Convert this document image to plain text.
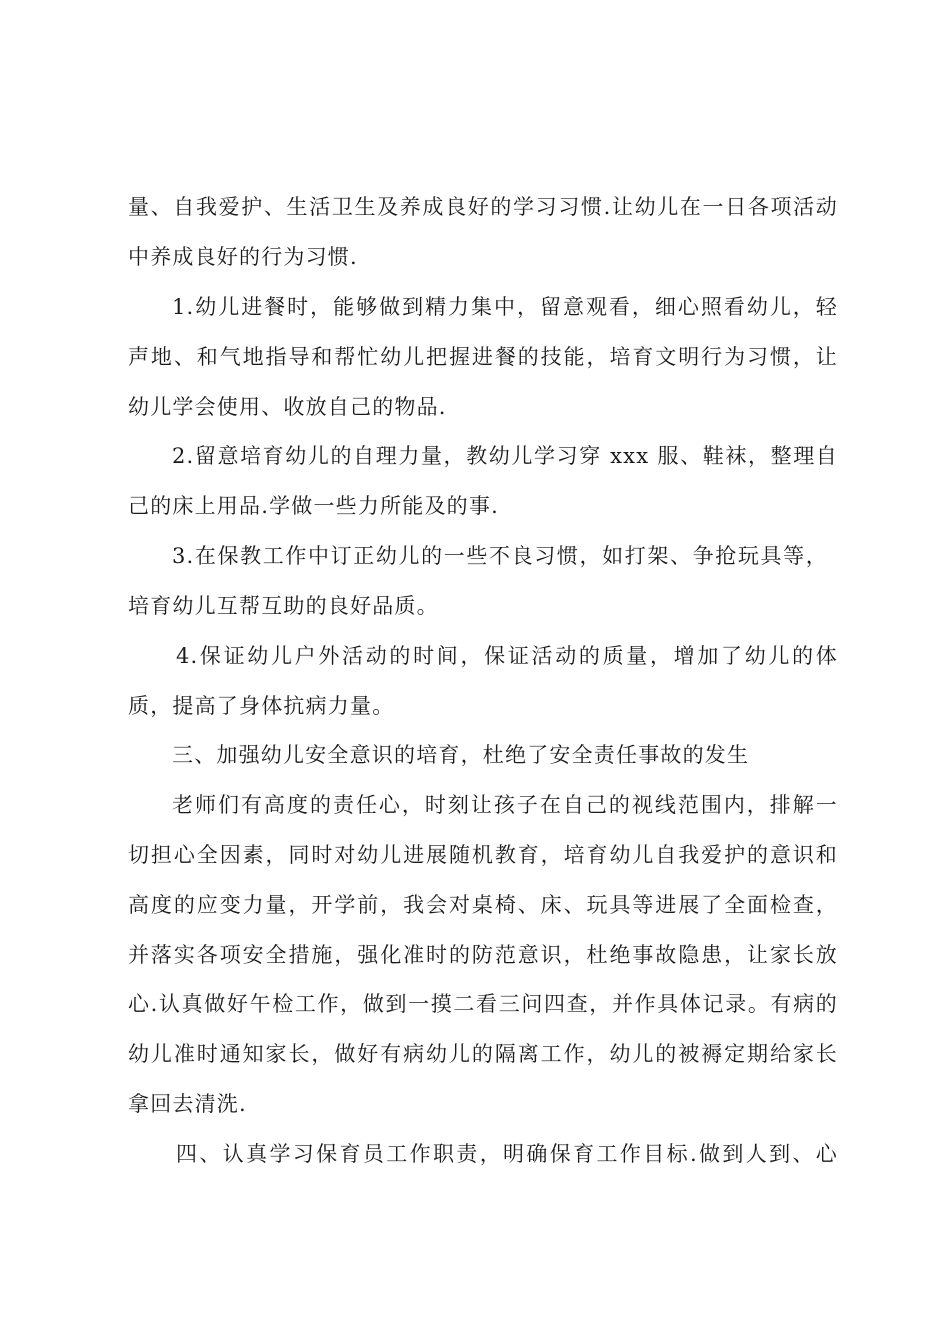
量、自我爱护、生活卫生及养成良好的学习习惯.让幼儿在一日各项活动
中养成良好的行为习惯.
1.幼儿进餐时，能够做到精力集中，留意观看，细心照看幼儿，轻
声地、和气地指导和帮忙幼儿把握进餐的技能，培育文明行为习惯，让
幼儿学会使用、收放自己的物品.
2.留意培育幼儿的自理力量，教幼儿学习穿 xxx 服、鞋袜，整理自
己的床上用品.学做一些力所能及的事.
3.在保教工作中订正幼儿的一些不良习惯，如打架、争抢玩具等，
培育幼儿互帮互助的良好品质。
4.保证幼儿户外活动的时间，保证活动的质量，增加了幼儿的体
质，提高了身体抗病力量。
三、加强幼儿安全意识的培育，杜绝了安全责任事故的发生
老师们有高度的责任心，时刻让孩子在自己的视线范围内，排解一
切担心全因素，同时对幼儿进展随机教育，培育幼儿自我爱护的意识和
高度的应变力量，开学前，我会对桌椅、床、玩具等进展了全面检查，
并落实各项安全措施，强化准时的防范意识，杜绝事故隐患，让家长放
心.认真做好午检工作，做到一摸二看三问四查，并作具体记录。有病的
幼儿准时通知家长，做好有病幼儿的隔离工作，幼儿的被褥定期给家长
拿回去清洗.
四、认真学习保育员工作职责，明确保育工作目标.做到人到、心
